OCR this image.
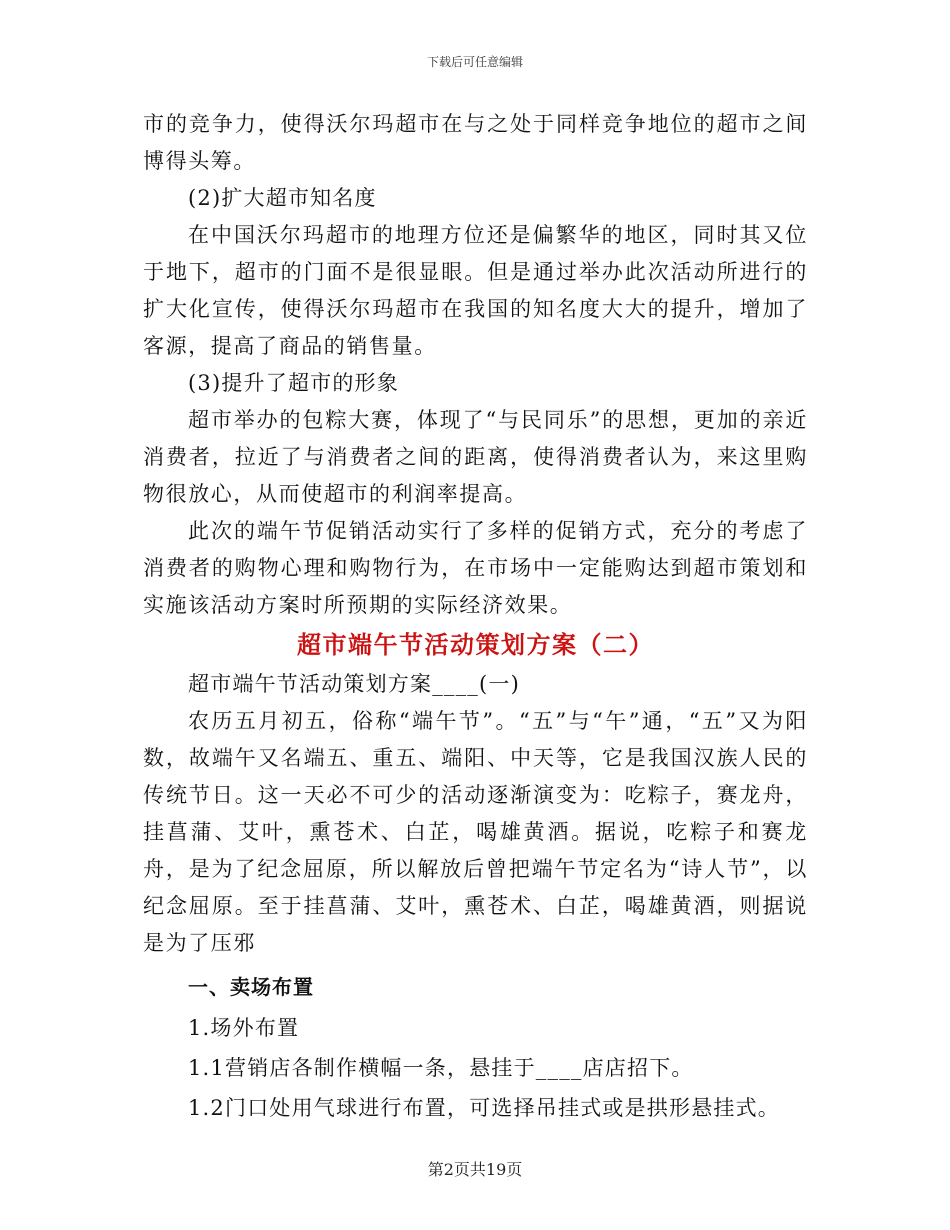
下载后可任意编辑

市的竞争力，使得沃尔玛超市在与之处于同样竞争地位的超市之间博得头筹。

(2)扩大超市知名度

在中国沃尔玛超市的地理方位还是偏繁华的地区，同时其又位于地下，超市的门面不是很显眼。但是通过举办此次活动所进行的扩大化宣传，使得沃尔玛超市在我国的知名度大大的提升，增加了客源，提高了商品的销售量。

(3)提升了超市的形象

超市举办的包粽大赛，体现了“与民同乐”的思想，更加的亲近消费者，拉近了与消费者之间的距离，使得消费者认为，来这里购物很放心，从而使超市的利润率提高。

此次的端午节促销活动实行了多样的促销方式，充分的考虑了消费者的购物心理和购物行为，在市场中一定能购达到超市策划和实施该活动方案时所预期的实际经济效果。

超市端午节活动策划方案（二）

超市端午节活动策划方案____(一)

农历五月初五，俗称“端午节”。“五”与“午”通，“五”又为阳数，故端午又名端五、重五、端阳、中天等，它是我国汉族人民的传统节日。这一天必不可少的活动逐渐演变为：吃粽子，赛龙舟，挂菖蒲、艾叶，熏苍术、白芷，喝雄黄酒。据说，吃粽子和赛龙舟，是为了纪念屈原，所以解放后曾把端午节定名为“诗人节”，以纪念屈原。至于挂菖蒲、艾叶，熏苍术、白芷，喝雄黄酒，则据说是为了压邪

一、卖场布置

1.场外布置

1.1营销店各制作横幅一条，悬挂于____店店招下。

1.2门口处用气球进行布置，可选择吊挂式或是拱形悬挂式。

第2页共19页
